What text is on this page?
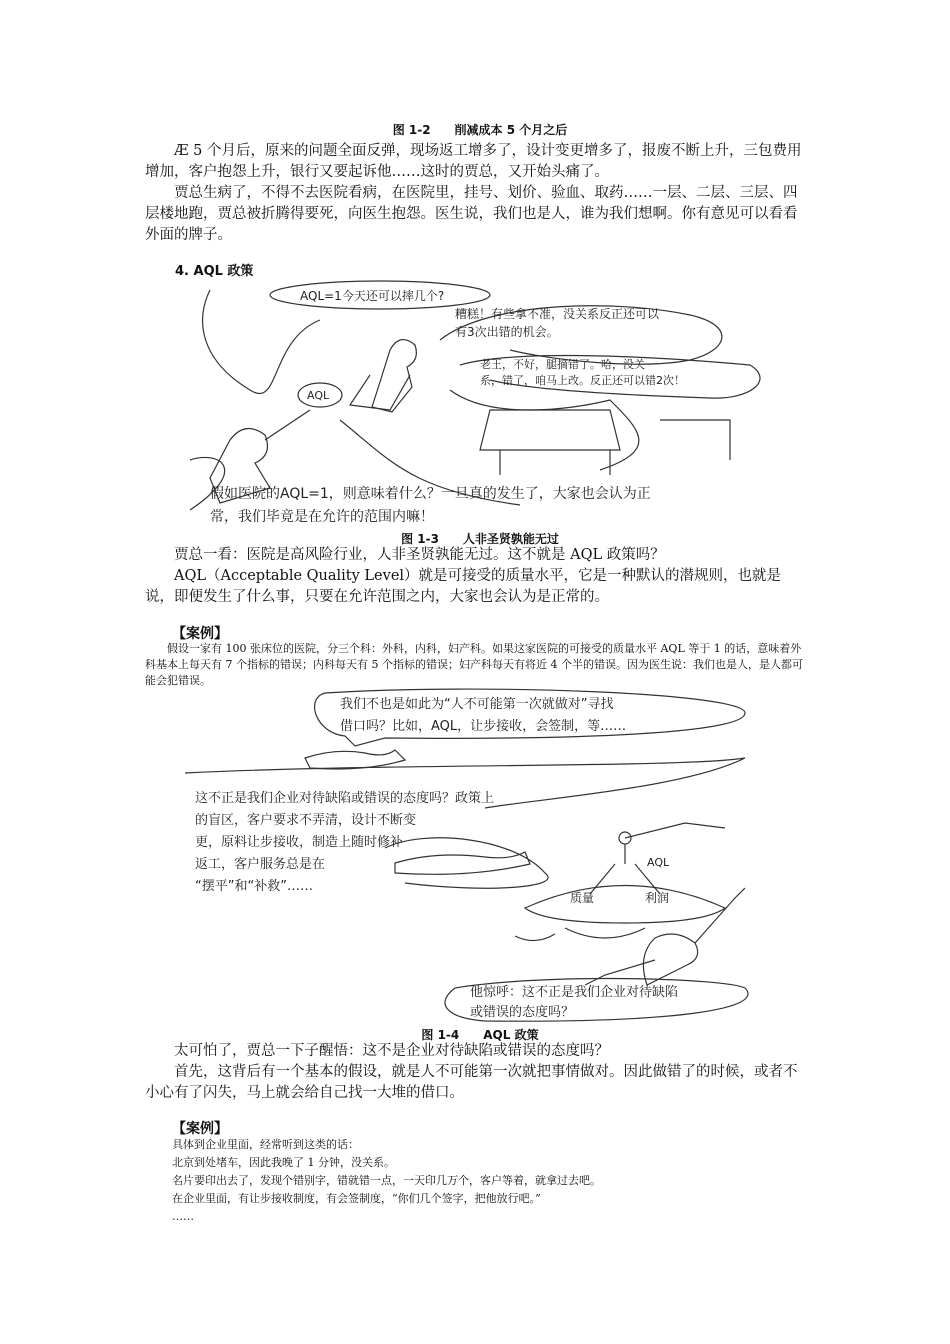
图 1-2　　削减成本 5 个月之后
Æ 5 个月后，原来的问题全面反弹，现场返工增多了，设计变更增多了，报废不断上升，三包费用增加，客户抱怨上升，银行又要起诉他……这时的贾总，又开始头痛了。
贾总生病了，不得不去医院看病，在医院里，挂号、划价、验血、取药……一层、二层、三层、四层楼地跑，贾总被折腾得要死，向医生抱怨。医生说，我们也是人，谁为我们想啊。你有意见可以看看外面的牌子。
4. AQL 政策
AQL=1今天还可以摔几个?
糟糕！有些拿不准，没关系反正还可以
有3次出错的机会。
老王，不好，腿摘错了。哈，没关
系，错了，咱马上改。反正还可以错2次！
AQL
假如医院的AQL=1，则意味着什么？一旦真的发生了，大家也会认为正
常，我们毕竟是在允许的范围内嘛！
图 1-3　　人非圣贤孰能无过
贾总一看：医院是高风险行业，人非圣贤孰能无过。这不就是 AQL 政策吗？
AQL（Acceptable Quality Level）就是可接受的质量水平，它是一种默认的潜规则，也就是说，即便发生了什么事，只要在允许范围之内，大家也会认为是正常的。
【案例】
假设一家有 100 张床位的医院，分三个科：外科，内科，妇产科。如果这家医院的可接受的质量水平 AQL 等于 1 的话，意味着外科基本上每天有 7 个指标的错误；内科每天有 5 个指标的错误；妇产科每天有将近 4 个半的错误。因为医生说：我们也是人，是人都可能会犯错误。
我们不也是如此为“人不可能第一次就做对”寻找
借口吗？比如，AQL，让步接收，会签制，等……
这不正是我们企业对待缺陷或错误的态度吗？政策上
的盲区，客户要求不弄清，设计不断变
更，原料让步接收，制造上随时修补
返工，客户服务总是在
“摆平”和“补救”……
AQL
质量	利润
他惊呼：这不正是我们企业对待缺陷
或错误的态度吗？
图 1-4　　AQL 政策
太可怕了，贾总一下子醒悟：这不是企业对待缺陷或错误的态度吗？
首先，这背后有一个基本的假设，就是人不可能第一次就把事情做对。因此做错了的时候，或者不小心有了闪失，马上就会给自己找一大堆的借口。
【案例】
具体到企业里面，经常听到这类的话：
北京到处堵车，因此我晚了 1 分钟，没关系。
名片要印出去了，发现个错别字，错就错一点，一天印几万个，客户等着，就拿过去吧。
在企业里面，有让步接收制度，有会签制度，“你们几个签字，把他放行吧。”
……
